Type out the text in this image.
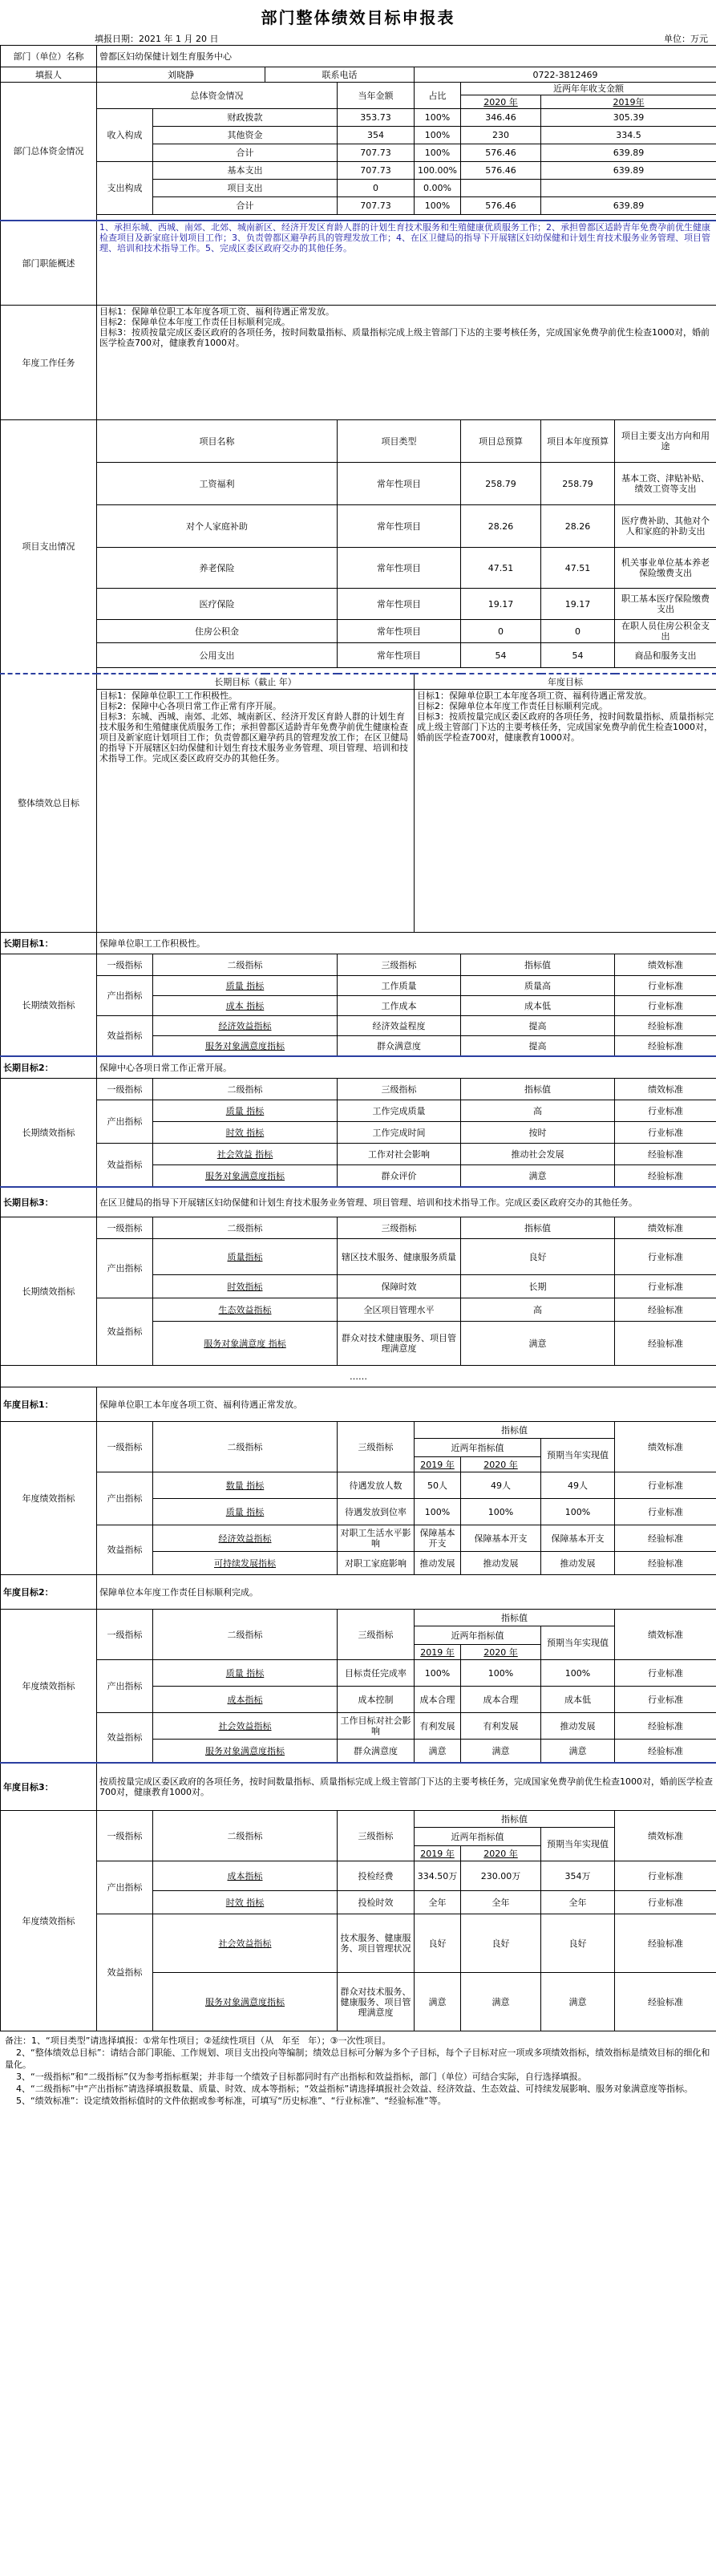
部门整体绩效目标申报表
填报日期：2021 年 1 月 20 日	单位：万元
部门（单位）名称	曾都区妇幼保健计划生育服务中心							
填报人	刘晓静		联系电话		0722-3812469			
部门总体资金情况	总体资金情况			当年金额	占比	近两年年收支金额		
						2020 年	2019年	
	收入构成	财政拨款		353.73	100%	346.46	305.39	
		其他资金		354	100%	230	334.5	
		合计		707.73	100%	576.46	639.89	
	支出构成	基本支出		707.73	100.00%	576.46	639.89	
		项目支出		0	0.00%			
		合计		707.73	100%	576.46	639.89	

部门职能概述	1、承担东城、西城、南郊、北郊、城南新区、经济开发区育龄人群的计划生育技术服务和生殖健康优质服务工作；2、承担曾都区适龄青年免费孕前优生健康检查项目及新家庭计划项目工作；3、负责曾都区避孕药具的管理发放工作；4、在区卫健局的指导下开展辖区妇幼保健和计划生育技术服务业务管理、项目管理、培训和技术指导工作。5、完成区委区政府交办的其他任务。							
年度工作任务	目标1：保障单位职工本年度各项工资、福利待遇正常发放。
目标2：保障单位本年度工作责任目标顺利完成。
目标3：按质按量完成区委区政府的各项任务，按时间数量指标、质量指标完成上级主管部门下达的主要考核任务，完成国家免费孕前优生检查1000对，婚前医学检查700对，健康教育1000对。							
项目支出情况	项目名称			项目类型		项目总预算	项目本年度预算	项目主要支出方向和用途
	工资福利			常年性项目		258.79	258.79	基本工资、津贴补贴、绩效工资等支出
	对个人家庭补助			常年性项目		28.26	28.26	医疗费补助、其他对个人和家庭的补助支出
	养老保险			常年性项目		47.51	47.51	机关事业单位基本养老保险缴费支出
	医疗保险			常年性项目		19.17	19.17	职工基本医疗保险缴费支出
	住房公积金			常年性项目		0	0	在职人员住房公积金支出
	公用支出			常年性项目		54	54	商品和服务支出

整体绩效总目标	长期目标（截止 年）				年度目标			
	目标1：保障单位职工工作积极性。
目标2：保障中心各项日常工作正常有序开展。
目标3：东城、西城、南郊、北郊、城南新区、经济开发区育龄人群的计划生育技术服务和生殖健康优质服务工作；承担曾都区适龄青年免费孕前优生健康检查项目及新家庭计划项目工作；负责曾都区避孕药具的管理发放工作；在区卫健局的指导下开展辖区妇幼保健和计划生育技术服务业务管理、项目管理、培训和技术指导工作。完成区委区政府交办的其他任务。				目标1：保障单位职工本年度各项工资、福利待遇正常发放。
目标2：保障单位本年度工作责任目标顺利完成。
目标3：按质按量完成区委区政府的各项任务，按时间数量指标、质量指标完成上级主管部门下达的主要考核任务，完成国家免费孕前优生检查1000对，婚前医学检查700对，健康教育1000对。			
长期目标1：	保障单位职工工作积极性。							
长期绩效指标	一级指标	二级指标		三级指标		指标值		绩效标准
	产出指标	质量 指标		工作质量		质量高		行业标准
		成本 指标		工作成本		成本低		行业标准
	效益指标	经济效益指标		经济效益程度		提高		经验标准
		服务对象满意度指标		群众满意度		提高		经验标准
长期目标2：	保障中心各项日常工作正常开展。							
长期绩效指标	一级指标	二级指标		三级指标		指标值		绩效标准
	产出指标	质量 指标		工作完成质量		高		行业标准
		时效 指标		工作完成时间		按时		行业标准
	效益指标	社会效益 指标		工作对社会影响		推动社会发展		经验标准
		服务对象满意度指标		群众评价		满意		经验标准
长期目标3：	在区卫健局的指导下开展辖区妇幼保健和计划生育技术服务业务管理、项目管理、培训和技术指导工作。完成区委区政府交办的其他任务。							
长期绩效指标	一级指标	二级指标		三级指标		指标值		绩效标准
	产出指标	质量指标		辖区技术服务、健康服务质量		良好		行业标准
		时效指标		保障时效		长期		行业标准
	效益指标	生态效益指标		全区项目管理水平		高		经验标准
		服务对象满意度 指标		群众对技术健康服务、项目管理满意度		满意		经验标准
……								
年度目标1：	保障单位职工本年度各项工资、福利待遇正常发放。							
年度绩效指标	一级指标	二级指标		三级指标	指标值			绩效标准
					近两年指标值		预期当年实现值	
					2019 年	2020 年		
	产出指标	数量 指标		待遇发放人数	50人	49人	49人	行业标准
		质量 指标		待遇发放到位率	100%	100%	100%	行业标准
	效益指标	经济效益指标		对职工生活水平影响	保障基本开支	保障基本开支	保障基本开支	经验标准
		可持续发展指标		对职工家庭影响	推动发展	推动发展	推动发展	经验标准
年度目标2：	保障单位本年度工作责任目标顺利完成。							
年度绩效指标	一级指标	二级指标		三级指标	指标值			绩效标准
					近两年指标值		预期当年实现值	
					2019 年	2020 年		
	产出指标	质量 指标		目标责任完成率	100%	100%	100%	行业标准
		成本指标		成本控制	成本合理	成本合理	成本低	行业标准
	效益指标	社会效益指标		工作目标对社会影响	有利发展	有利发展	推动发展	经验标准
		服务对象满意度指标		群众满意度	满意	满意	满意	经验标准
年度目标3：	按质按量完成区委区政府的各项任务，按时间数量指标、质量指标完成上级主管部门下达的主要考核任务，完成国家免费孕前优生检查1000对，婚前医学检查700对，健康教育1000对。							
年度绩效指标	一级指标	二级指标		三级指标	指标值			绩效标准
					近两年指标值		预期当年实现值	
					2019 年	2020 年		
	产出指标	成本指标		投检经费	334.50万	230.00万	354万	行业标准
		时效 指标		投检时效	全年	全年	全年	行业标准
	效益指标	社会效益指标		技术服务、健康服务、项目管理状况	良好	良好	良好	经验标准
		服务对象满意度指标		群众对技术服务、健康服务、项目管理满意度	满意	满意	满意	经验标准
备注：1、“项目类型”请选择填报：①常年性项目；②延续性项目（从   年至   年）；③一次性项目。
2、“整体绩效总目标”：请结合部门职能、工作规划、项目支出投向等编制；绩效总目标可分解为多个子目标，每个子目标对应一项或多项绩效指标，绩效指标是绩效目标的细化和量化。
3、“一级指标”和“二级指标”仅为参考指标框架；并非每一个绩效子目标都同时有产出指标和效益指标，部门（单位）可结合实际，自行选择填报。
4、“二级指标”中“产出指标”请选择填报数量、质量、时效、成本等指标；“效益指标”请选择填报社会效益、经济效益、生态效益、可持续发展影响、服务对象满意度等指标。
5、“绩效标准”：设定绩效指标值时的文件依据或参考标准，可填写“历史标准”、“行业标准”、“经验标准”等。
